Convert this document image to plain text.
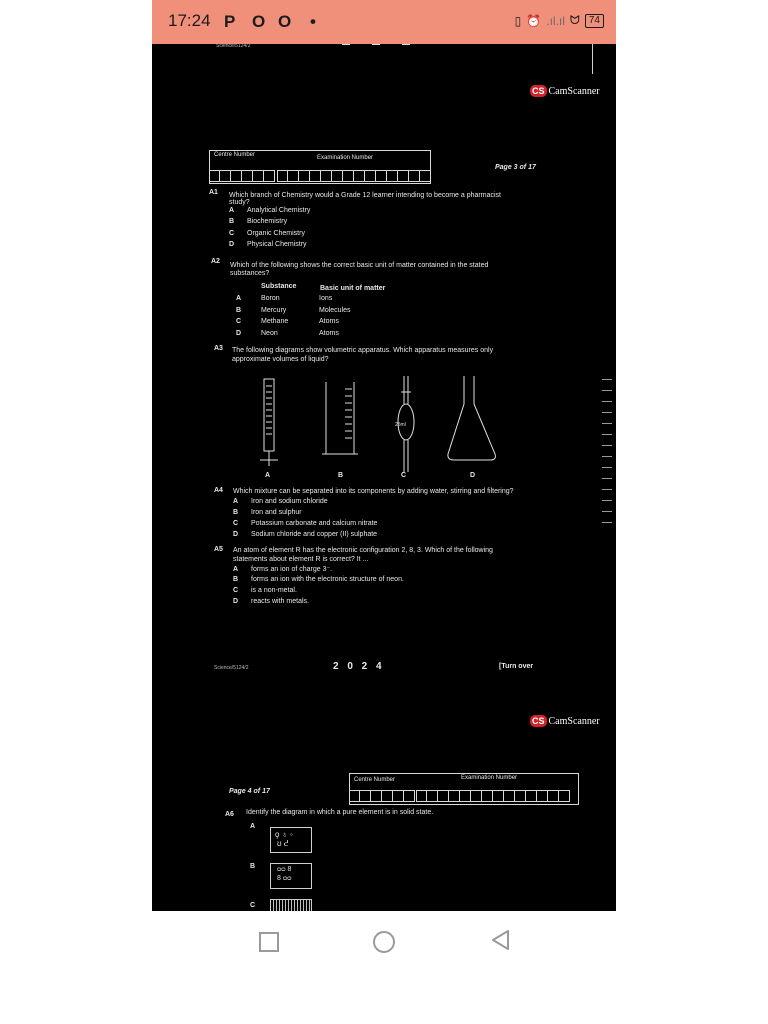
17:24 P O O •	▯ ⏰ .ıl.ıl ᗢ 74
Science/5124/2
CS CamScanner
Centre Number	Examination Number
Page 3 of 17
A1 Which branch of Chemistry would a Grade 12 learner intending to become a pharmacist
study?
A Analytical Chemistry
B Biochemistry
C Organic Chemistry
D Physical Chemistry
A2
Which of the following shows the correct basic unit of matter contained in the stated
substances?
Substance	Basic unit of matter
A	Boron	Ions
B	Mercury	Molecules
C	Methane	Atoms
D	Neon	Atoms
A3 The following diagrams show volumetric apparatus. Which apparatus measures only
approximate volumes of liquid?
25ml
A	B	C	D
A4 Which mixture can be separated into its components by adding water, stirring and filtering?
A Iron and sodium chloride
B Iron and sulphur
C Potassium carbonate and calcium nitrate
D Sodium chloride and copper (II) sulphate
A5 An atom of element R has the electronic configuration 2, 8, 3. Which of the following
statements about element R is correct? It ...
A forms an ion of charge 3⁻.
B forms an ion with the electronic structure of neon.
C is a non-metal.
D reacts with metals.
Science/5124/2	2 0 2 4	[Turn over
CS CamScanner
Centre Number	Examination Number
Page 4 of 17
A6 Identify the diagram in which a pure element is in solid state.
A
ϙ ♁ ◦
ʊ ᕍ
B	ᴑᴑ 8
8 ᴑᴑ
C
